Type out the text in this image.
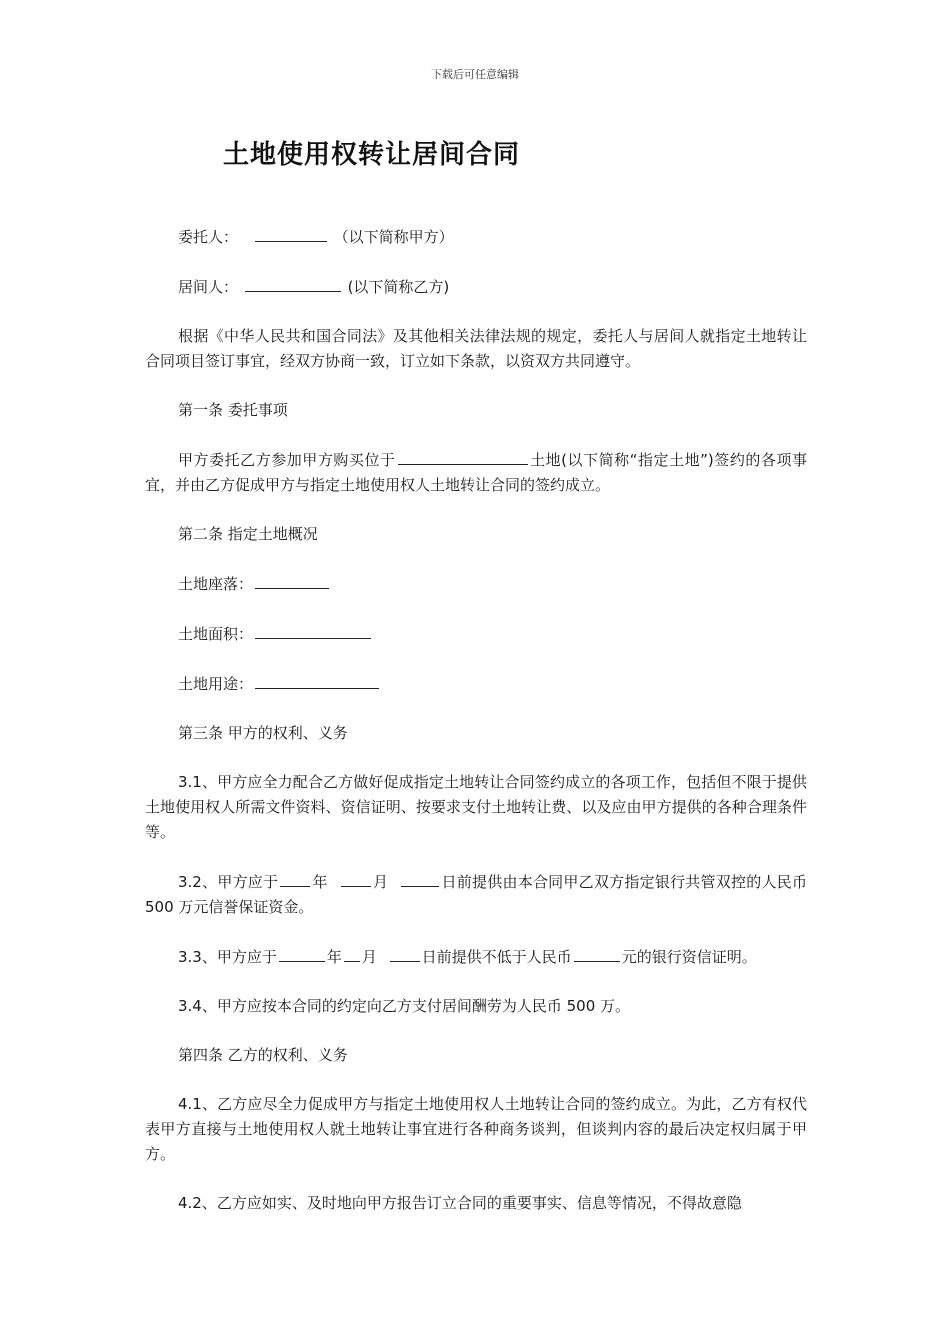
下载后可任意编辑
土地使用权转让居间合同

委托人：	（以下简称甲方）

居间人：	(以下简称乙方)

根据《中华人民共和国合同法》及其他相关法律法规的规定，委托人与居间人就指定土地转让合同项目签订事宜，经双方协商一致，订立如下条款，以资双方共同遵守。

第一条 委托事项

甲方委托乙方参加甲方购买位于	土地(以下简称“指定土地”)签约的各项事宜，并由乙方促成甲方与指定土地使用权人土地转让合同的签约成立。

第二条 指定土地概况

土地座落：

土地面积：

土地用途：

第三条 甲方的权利、义务

3.1、甲方应全力配合乙方做好促成指定土地转让合同签约成立的各项工作，包括但不限于提供土地使用权人所需文件资料、资信证明、按要求支付土地转让费、以及应由甲方提供的各种合理条件等。

3.2、甲方应于 年	月	日前提供由本合同甲乙双方指定银行共管双控的人民币 500 万元信誉保证资金。

3.3、甲方应于	年 月	日前提供不低于人民币	元的银行资信证明。

3.4、甲方应按本合同的约定向乙方支付居间酬劳为人民币 500 万。

第四条 乙方的权利、义务

4.1、乙方应尽全力促成甲方与指定土地使用权人土地转让合同的签约成立。为此，乙方有权代表甲方直接与土地使用权人就土地转让事宜进行各种商务谈判，但谈判内容的最后决定权归属于甲方。

4.2、乙方应如实、及时地向甲方报告订立合同的重要事实、信息等情况，不得故意隐
